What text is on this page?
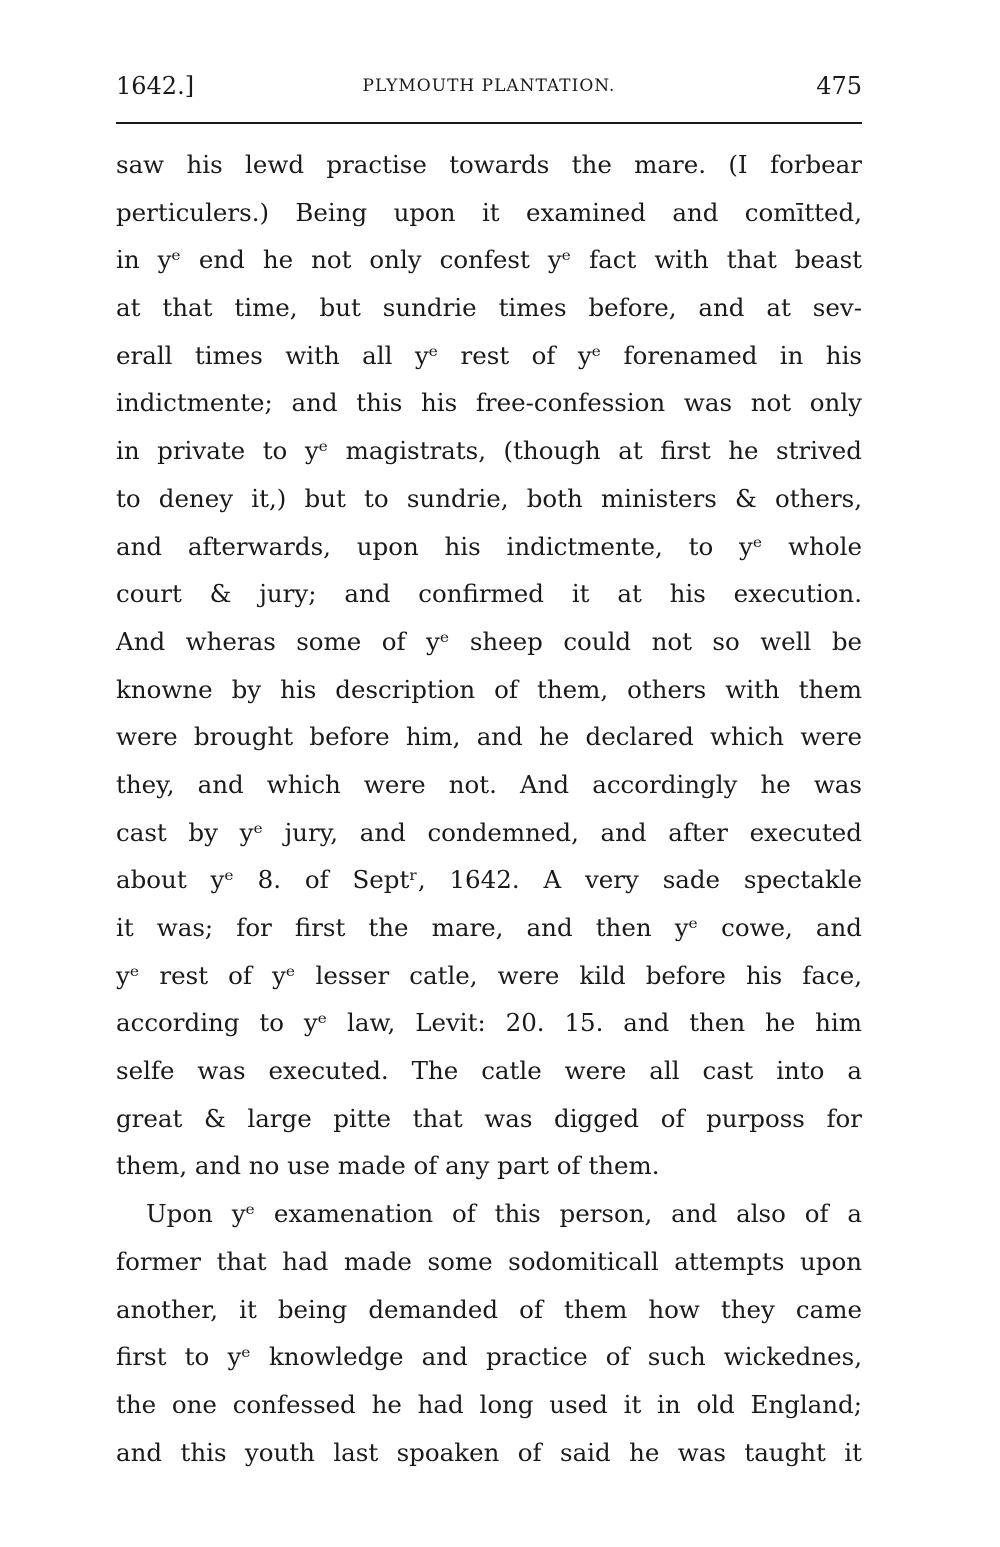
1642.]	PLYMOUTH PLANTATION.	475
saw his lewd practise towards the mare. (I forbear
perticulers.) Being upon it examined and comītted,
in yᵉ end he not only confest yᵉ fact with that beast
at that time, but sundrie times before, and at sev-
erall times with all yᵉ rest of yᵉ forenamed in his
indictmente; and this his free-confession was not only
in private to yᵉ magistrats, (though at first he strived
to deney it,) but to sundrie, both ministers & others,
and afterwards, upon his indictmente, to yᵉ whole
court & jury; and confirmed it at his execution.
And wheras some of yᵉ sheep could not so well be
knowne by his description of them, others with them
were brought before him, and he declared which were
they, and which were not. And accordingly he was
cast by yᵉ jury, and condemned, and after executed
about yᵉ 8. of Septʳ, 1642. A very sade spectakle
it was; for first the mare, and then yᵉ cowe, and
yᵉ rest of yᵉ lesser catle, were kild before his face,
according to yᵉ law, Levit: 20. 15. and then he him
selfe was executed. The catle were all cast into a
great & large pitte that was digged of purposs for
them, and no use made of any part of them.
Upon yᵉ examenation of this person, and also of a
former that had made some sodomiticall attempts upon
another, it being demanded of them how they came
first to yᵉ knowledge and practice of such wickednes,
the one confessed he had long used it in old England;
and this youth last spoaken of said he was taught it
